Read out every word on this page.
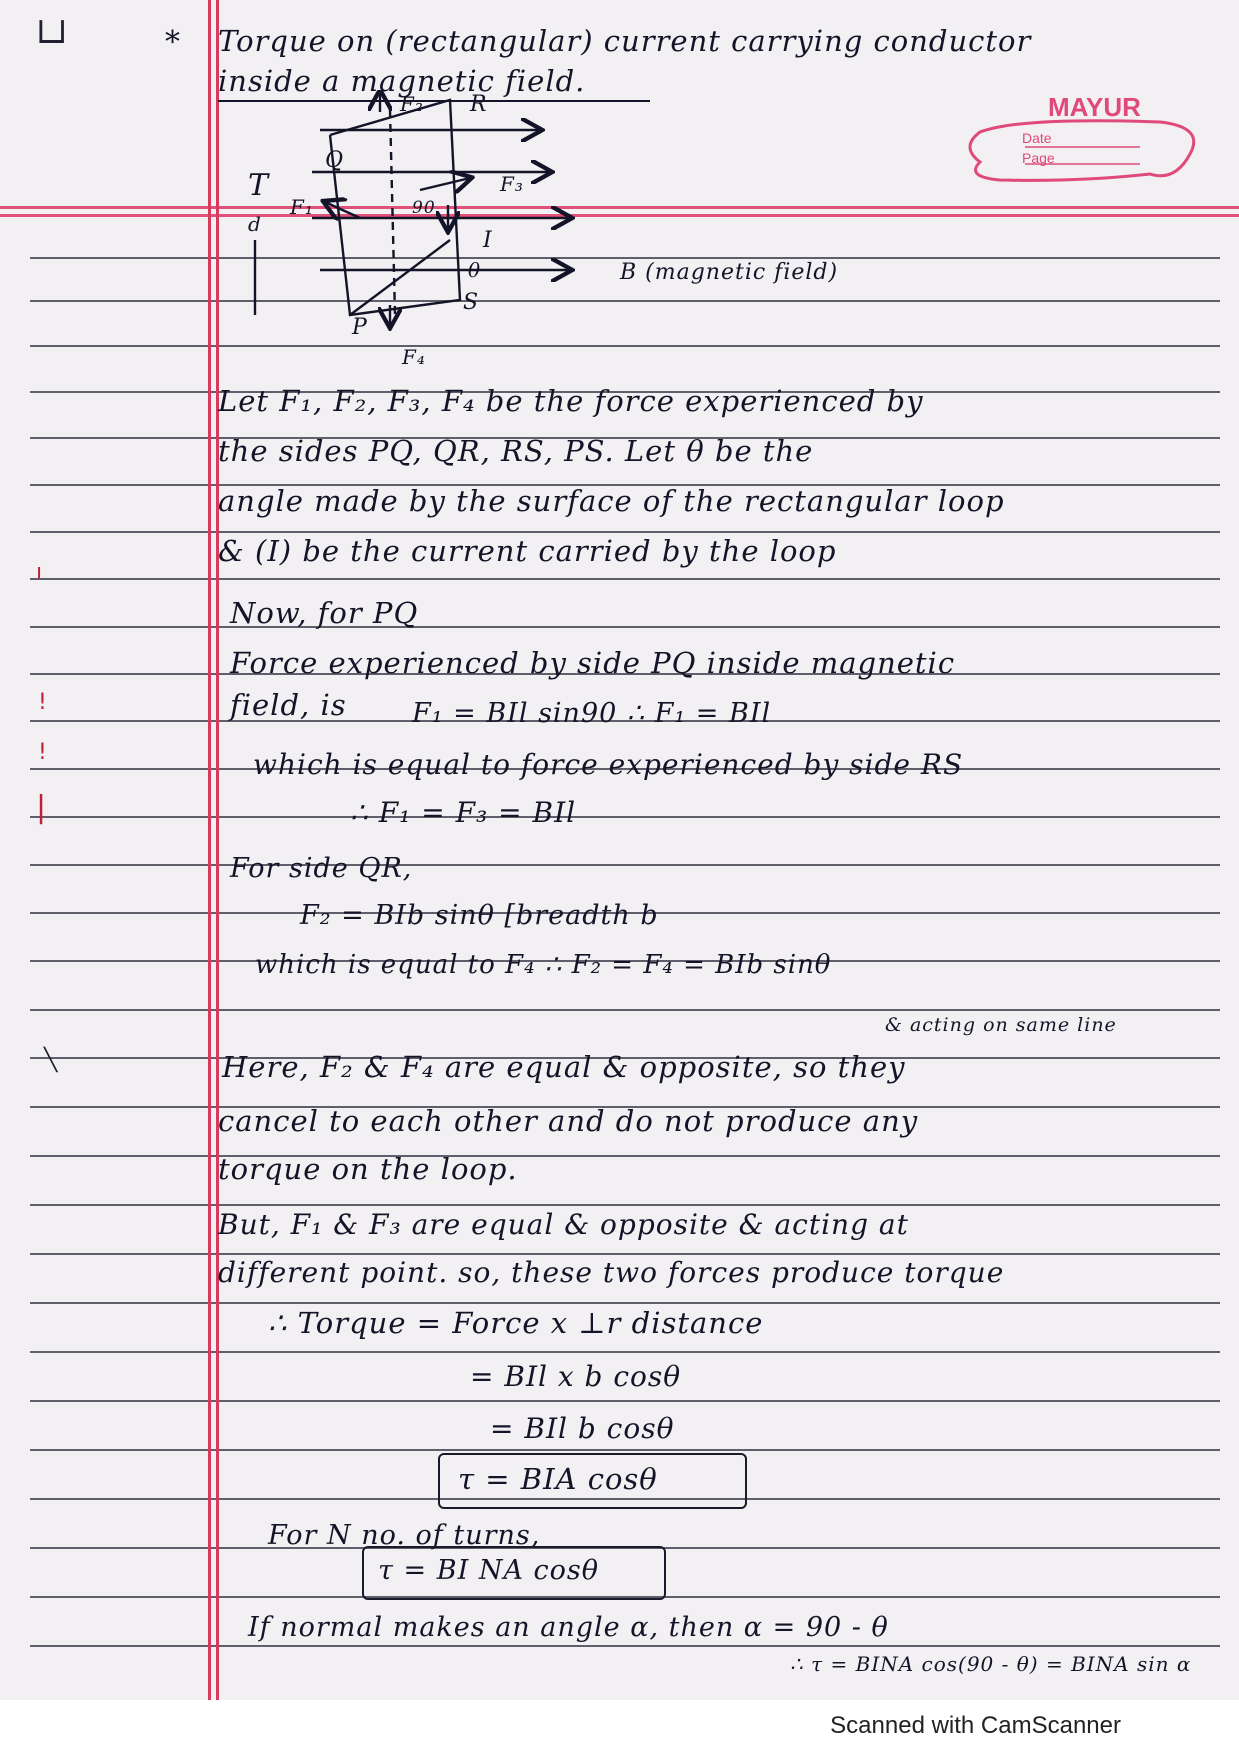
└┘
ı
!
!
|
╲
MAYUR
Date
Page
* Torque on (rectangular) current carrying conductor
inside a magnetic field.
Q
R
P
S
F₁
F₂
F₃
F₄
I
θ
90
T
d
B (magnetic field)
Let F₁, F₂, F₃, F₄ be the force experienced by
the sides PQ, QR, RS, PS. Let θ be the
angle made by the surface of the rectangular loop
& (I) be the current carried by the loop
Now, for PQ
Force experienced by side PQ inside magnetic
field, is F₁ = BIl sin90 ∴ F₁ = BIl
which is equal to force experienced by side RS
∴ F₁ = F₃ = BIl
For side QR,
F₂ = BIb sinθ [breadth b
which is equal to F₄ ∴ F₂ = F₄ = BIb sinθ
& acting on same line
Here, F₂ & F₄ are equal & opposite, so they
cancel to each other and do not produce any
torque on the loop.
But, F₁ & F₃ are equal & opposite & acting at
different point. so, these two forces produce torque
∴ Torque = Force x ⊥r distance
= BIl x b cosθ
= BIl b cosθ
τ = BIA cosθ
For N no. of turns,
τ = BI NA cosθ
If normal makes an angle α, then α = 90 - θ
∴ τ = BINA cos(90 - θ) = BINA sin α
Scanned with CamScanner
